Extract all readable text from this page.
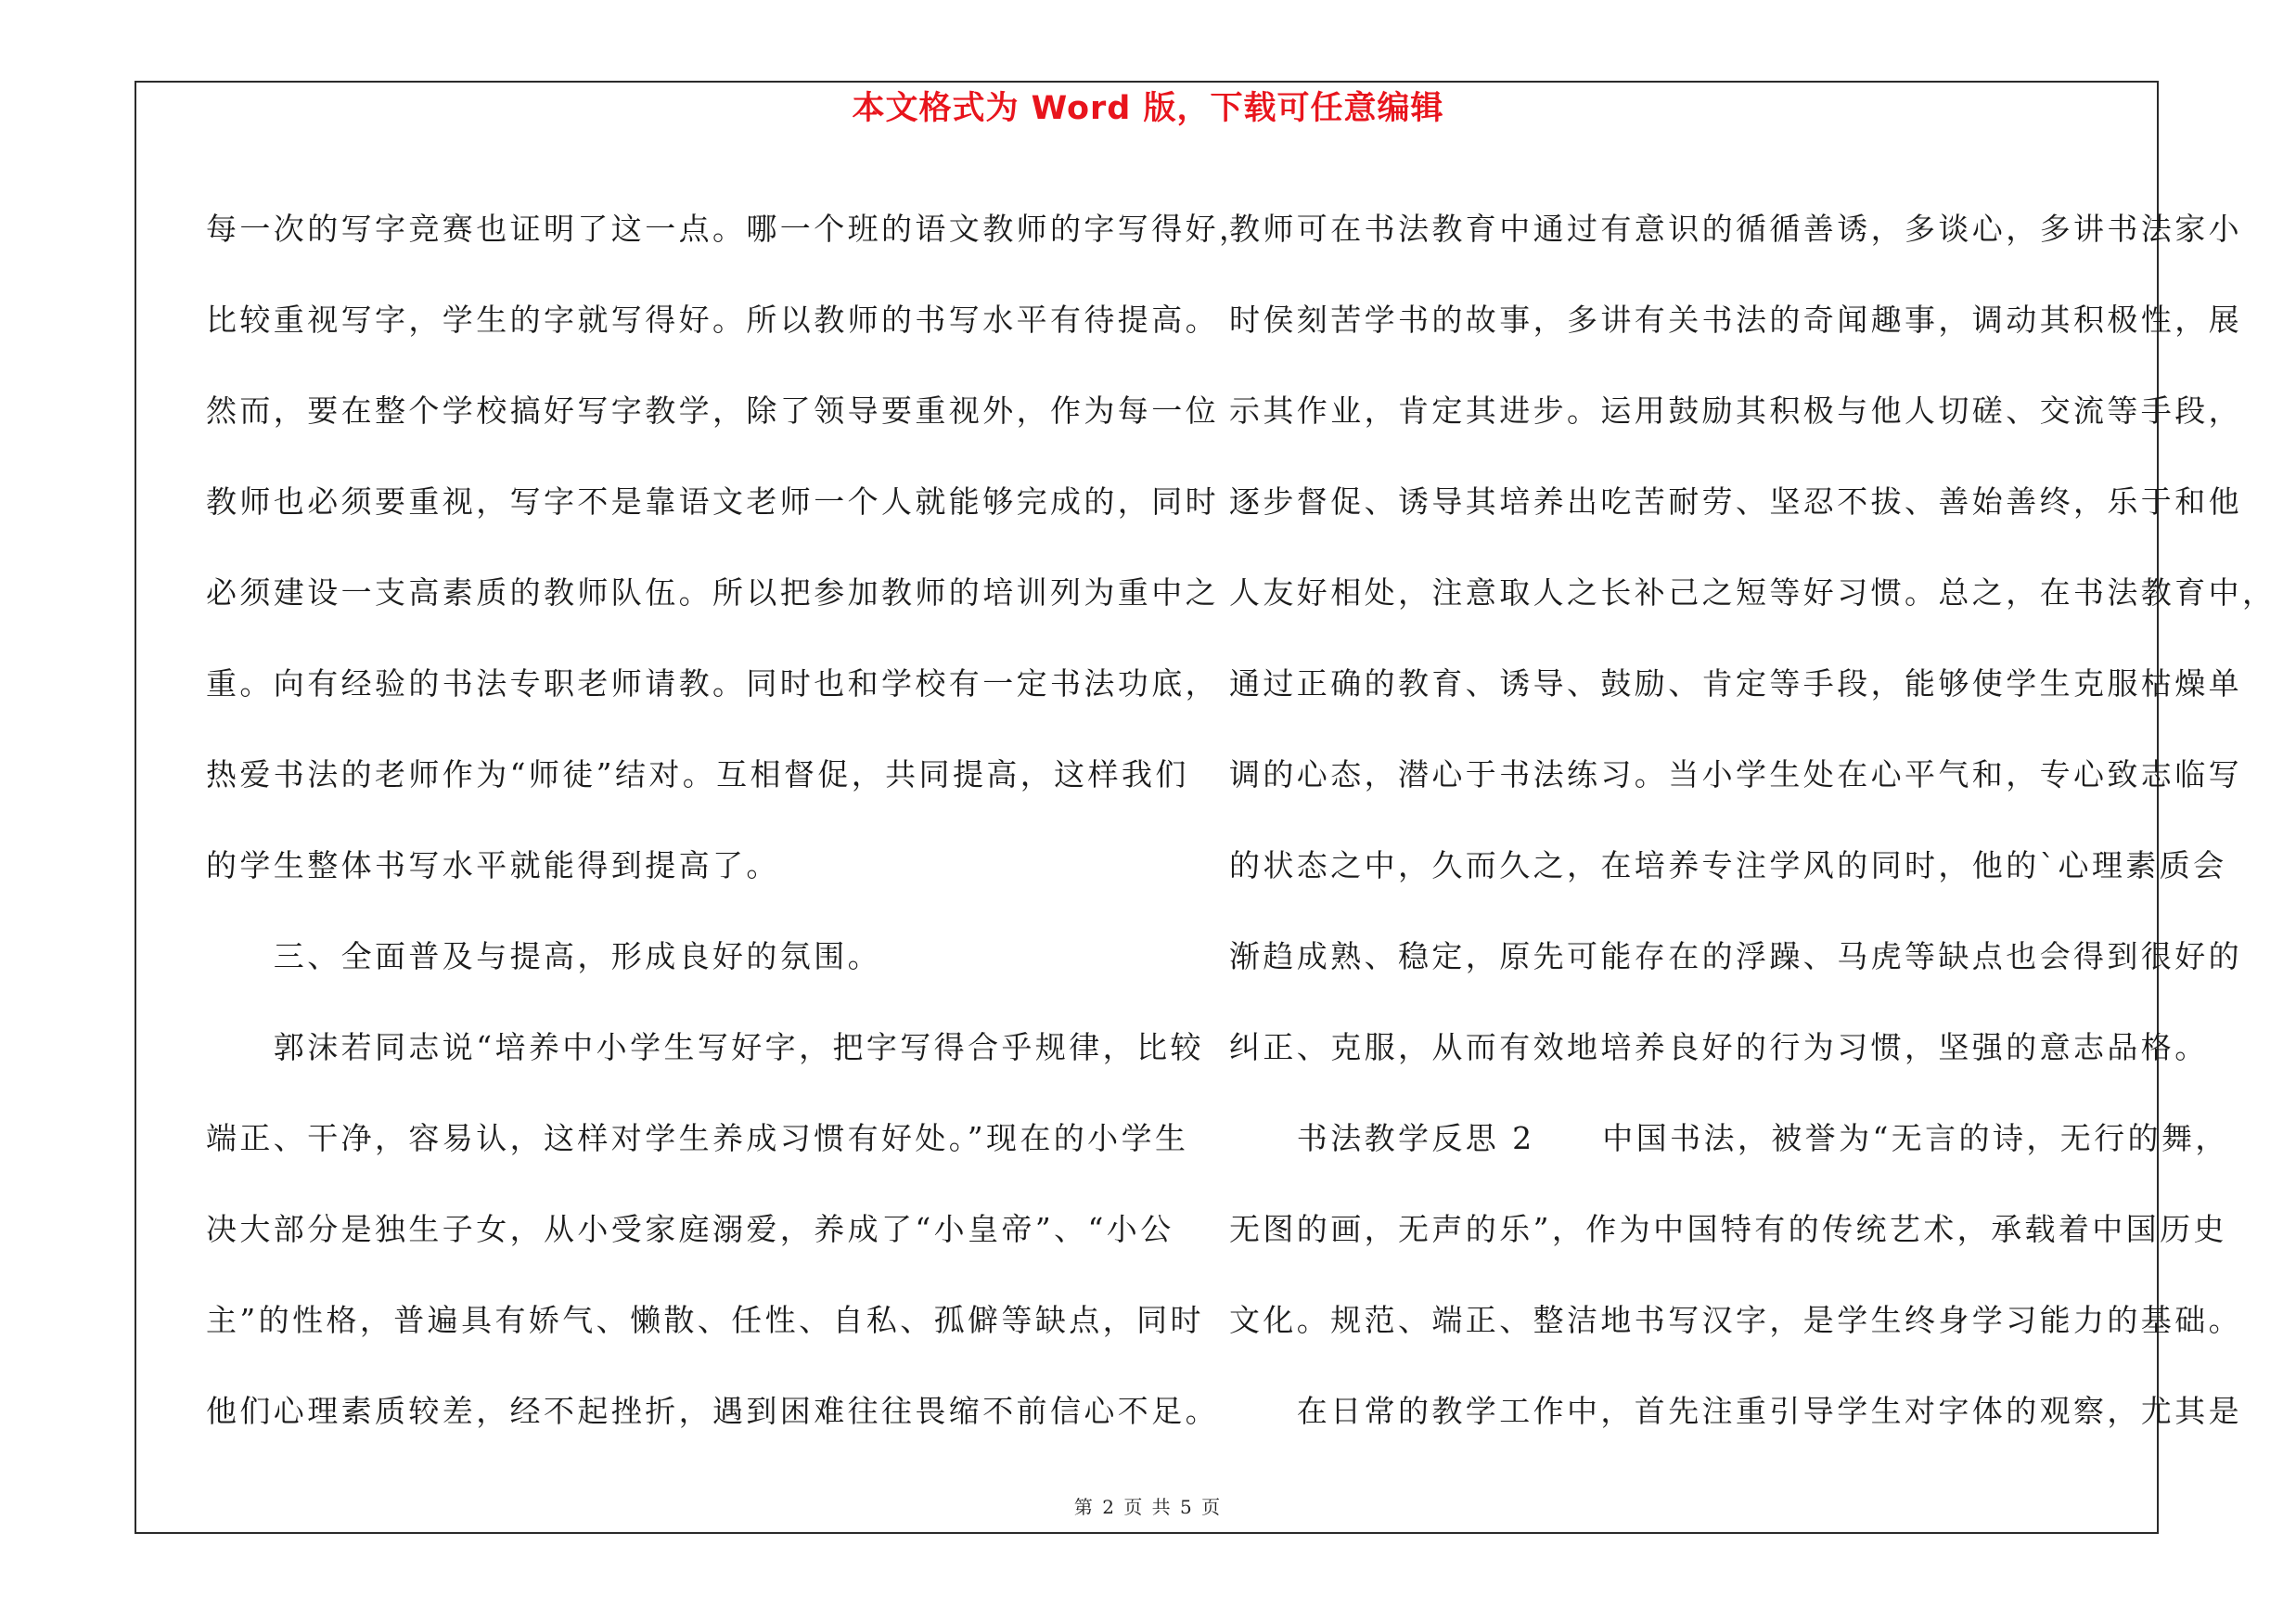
本文格式为 Word 版，下载可任意编辑
每一次的写字竞赛也证明了这一点。哪一个班的语文教师的字写得好，
比较重视写字，学生的字就写得好。所以教师的书写水平有待提高。
然而，要在整个学校搞好写字教学，除了领导要重视外，作为每一位
教师也必须要重视，写字不是靠语文老师一个人就能够完成的，同时
必须建设一支高素质的教师队伍。所以把参加教师的培训列为重中之
重。向有经验的书法专职老师请教。同时也和学校有一定书法功底，
热爱书法的老师作为“师徒”结对。互相督促，共同提高，这样我们
的学生整体书写水平就能得到提高了。
　　三、全面普及与提高，形成良好的氛围。
　　郭沫若同志说“培养中小学生写好字，把字写得合乎规律，比较
端正、干净，容易认，这样对学生养成习惯有好处。”现在的小学生
决大部分是独生子女，从小受家庭溺爱，养成了“小皇帝”、“小公
主”的性格，普遍具有娇气、懒散、任性、自私、孤僻等缺点，同时
他们心理素质较差，经不起挫折，遇到困难往往畏缩不前信心不足。
教师可在书法教育中通过有意识的循循善诱，多谈心，多讲书法家小
时侯刻苦学书的故事，多讲有关书法的奇闻趣事，调动其积极性，展
示其作业，肯定其进步。运用鼓励其积极与他人切磋、交流等手段，
逐步督促、诱导其培养出吃苦耐劳、坚忍不拔、善始善终，乐于和他
人友好相处，注意取人之长补己之短等好习惯。总之，在书法教育中，
通过正确的教育、诱导、鼓励、肯定等手段，能够使学生克服枯燥单
调的心态，潜心于书法练习。当小学生处在心平气和，专心致志临写
的状态之中，久而久之，在培养专注学风的同时，他的`心理素质会
渐趋成熟、稳定，原先可能存在的浮躁、马虎等缺点也会得到很好的
纠正、克服，从而有效地培养良好的行为习惯，坚强的意志品格。
　　书法教学反思 2　　中国书法，被誉为“无言的诗，无行的舞，
无图的画，无声的乐”，作为中国特有的传统艺术，承载着中国历史
文化。规范、端正、整洁地书写汉字，是学生终身学习能力的基础。
　　在日常的教学工作中，首先注重引导学生对字体的观察，尤其是
第 2 页 共 5 页
